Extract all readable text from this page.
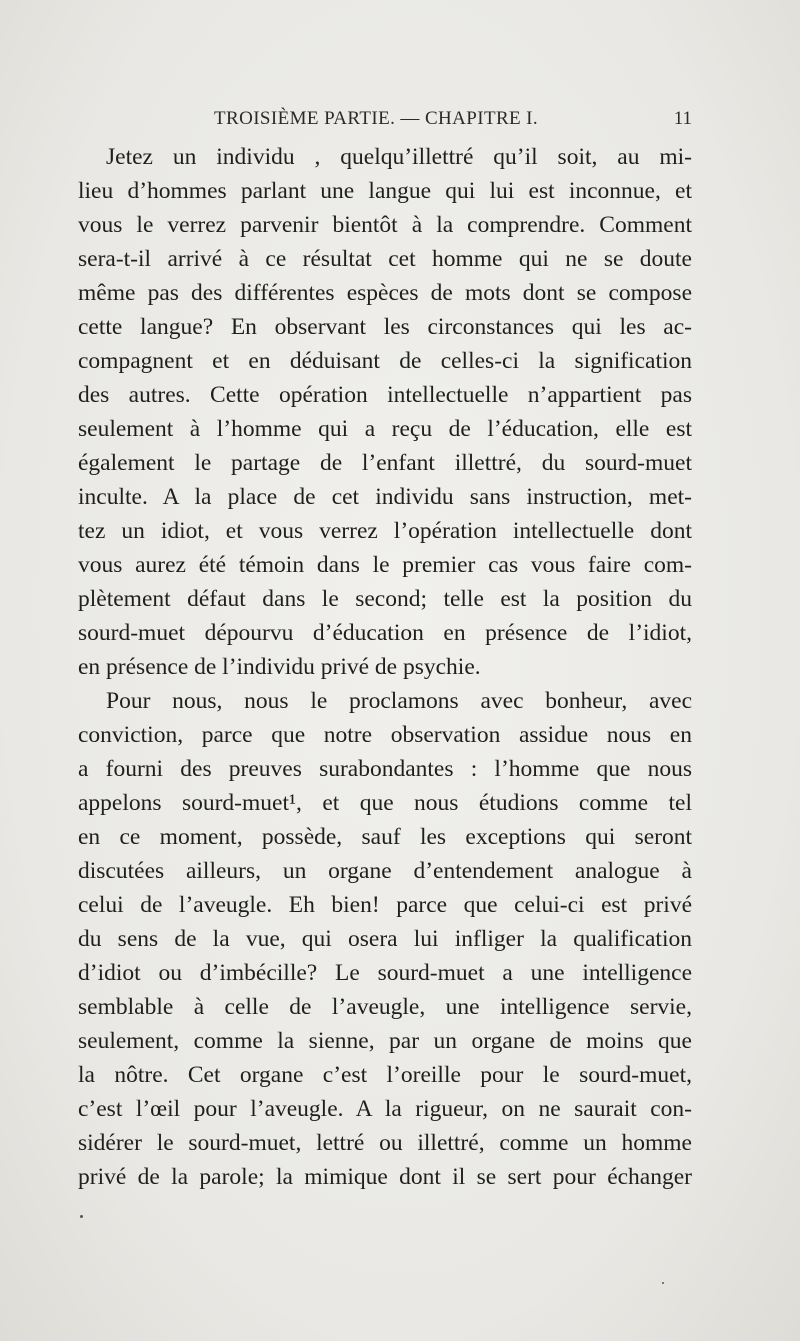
TROISIÈME PARTIE. — CHAPITRE I.	11
Jetez un individu , quelqu’illettré qu’il soit, au mi-
lieu d’hommes parlant une langue qui lui est inconnue, et
vous le verrez parvenir bientôt à la comprendre. Comment
sera-t-il arrivé à ce résultat cet homme qui ne se doute
même pas des différentes espèces de mots dont se compose
cette langue? En observant les circonstances qui les ac-
compagnent et en déduisant de celles-ci la signification
des autres. Cette opération intellectuelle n’appartient pas
seulement à l’homme qui a reçu de l’éducation, elle est
également le partage de l’enfant illettré, du sourd-muet
inculte. A la place de cet individu sans instruction, met-
tez un idiot, et vous verrez l’opération intellectuelle dont
vous aurez été témoin dans le premier cas vous faire com-
plètement défaut dans le second; telle est la position du
sourd-muet dépourvu d’éducation en présence de l’idiot,
en présence de l’individu privé de psychie.
Pour nous, nous le proclamons avec bonheur, avec
conviction, parce que notre observation assidue nous en
a fourni des preuves surabondantes : l’homme que nous
appelons sourd-muet¹, et que nous étudions comme tel
en ce moment, possède, sauf les exceptions qui seront
discutées ailleurs, un organe d’entendement analogue à
celui de l’aveugle. Eh bien! parce que celui-ci est privé
du sens de la vue, qui osera lui infliger la qualification
d’idiot ou d’imbécille? Le sourd-muet a une intelligence
semblable à celle de l’aveugle, une intelligence servie,
seulement, comme la sienne, par un organe de moins que
la nôtre. Cet organe c’est l’oreille pour le sourd-muet,
c’est l’œil pour l’aveugle. A la rigueur, on ne saurait con-
sidérer le sourd-muet, lettré ou illettré, comme un homme
privé de la parole; la mimique dont il se sert pour échanger
